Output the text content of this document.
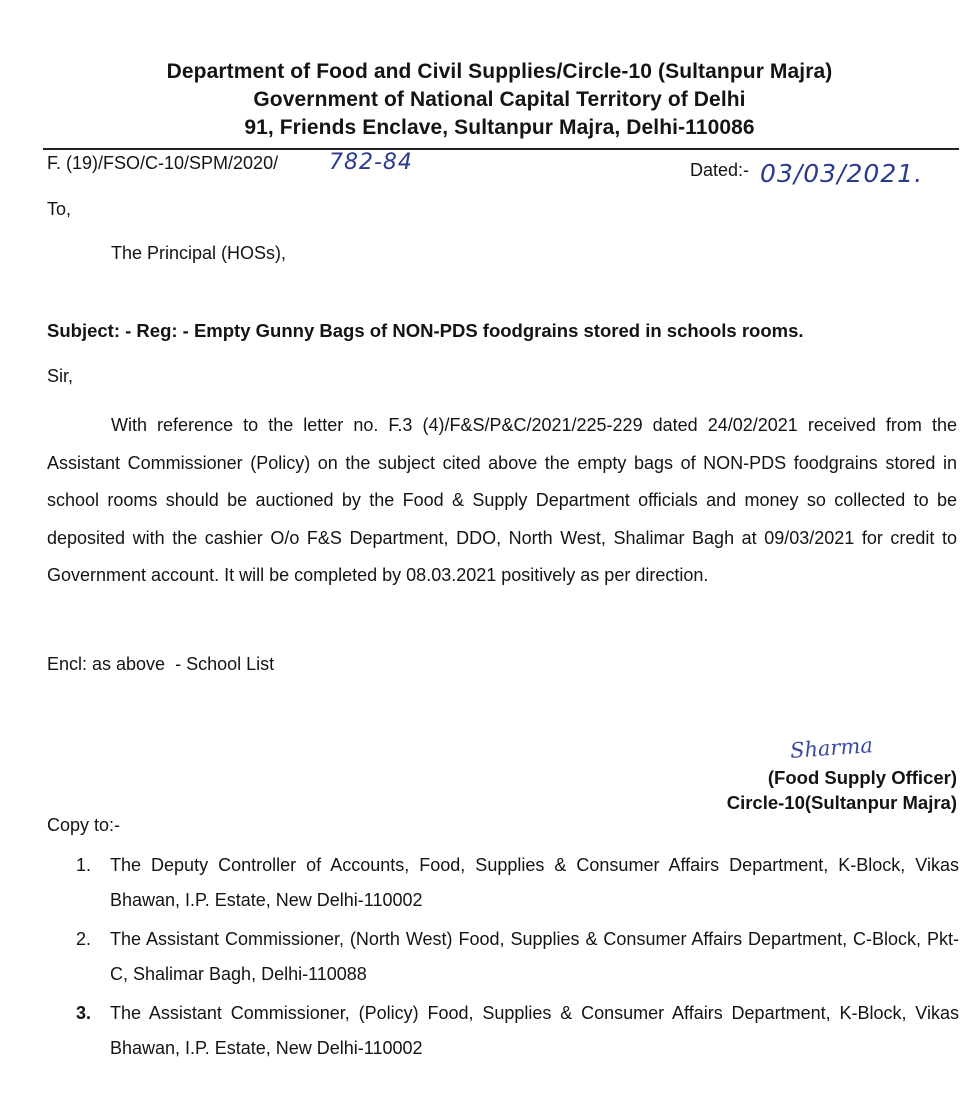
Department of Food and Civil Supplies/Circle-10 (Sultanpur Majra)
Government of National Capital Territory of Delhi
91, Friends Enclave, Sultanpur Majra, Delhi-110086
F. (19)/FSO/C-10/SPM/2020/ 782-84	Dated:- 03/03/2021.
To,
The Principal (HOSs),
Subject: - Reg: - Empty Gunny Bags of NON-PDS foodgrains stored in schools rooms.
Sir,
With reference to the letter no. F.3 (4)/F&S/P&C/2021/225-229 dated 24/02/2021 received from the Assistant Commissioner (Policy) on the subject cited above the empty bags of NON-PDS foodgrains stored in school rooms should be auctioned by the Food & Supply Department officials and money so collected to be deposited with the cashier O/o F&S Department, DDO, North West, Shalimar Bagh at 09/03/2021 for credit to Government account. It will be completed by 08.03.2021 positively as per direction.
Encl: as above  - School List
Sharma
(Food Supply Officer)
Circle-10(Sultanpur Majra)
Copy to:-
1. The Deputy Controller of Accounts, Food, Supplies & Consumer Affairs Department, K-Block, Vikas Bhawan, I.P. Estate, New Delhi-110002
2. The Assistant Commissioner, (North West) Food, Supplies & Consumer Affairs Department, C-Block, Pkt-C, Shalimar Bagh, Delhi-110088
3. The Assistant Commissioner, (Policy) Food, Supplies & Consumer Affairs Department, K-Block, Vikas Bhawan, I.P. Estate, New Delhi-110002
